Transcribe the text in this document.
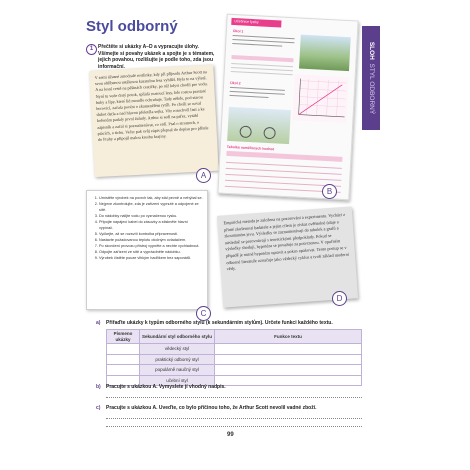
Styl odborný
1 Přečtěte si ukázky A–D a vypracujte úlohy. Všímejte si povahy ukázek a spojte je s tématem, jejich povahou, rozlišujte je podle toho, zda jsou informační.
V zemi úžasné zmodralé rostlinky, kdy při příjezdu Arthur Scott na svou oblíbenou ustálenou kazatelnu lesa vyhlíží. Byla to na výletě. A na lesní cestě na pěšinách cestičky, po níž kdysi chodil pro vodu. Nyní tu vede čistý potok, spřádá roztoucí lesy, kde rostou prastaré buky a lípy, které lid moudře ochraňuje. Tady někde, pod starou borovicí, začala pověst o zkamenělém rytíři. Po chvíli se ozval tlukot datla a nad hlavou přeletěla sojka. Vítr rozechvěl listí a ke kořenům padaly první žaludy. Arthur si sedl na pařez, vytáhl zápisník a začal si poznamenávat, co vidí. Psal o stromech, o ptácích, o tichu. Večer pak svůj zápis přepsal do dopisu pro přítele do Prahy a připojil malou kresbu krajiny.
A
Učebnice fyziky
Úkol 1
Úkol 2
Tabulka naměřených hodnot
B
SLOH  STYL ODBORNÝ
1. Umístěte výrobek na povrch tak, aby stál pevně a nehýbal se.
2. Nejprve zkontrolujte, zda je zařízení vypnuté a odpojené ze sítě.
3. Do nádobky nalijte vodu po vyznačenou rysku.
4. Připojte napájecí kabel do zásuvky a stiskněte hlavní vypínač.
5. Vyčkejte, až se rozsvítí kontrolka připravenosti.
6. Nastavte požadovanou teplotu otočným ovladačem.
7. Po skončení provozu přístroj vypněte a nechte vychladnout.
8. Odpojte zařízení ze sítě a vyprázdněte nádobku.
9. Výrobek čistěte pouze vlhkým hadříkem bez saponátů.
C
Empirická metoda je založena na pozorování a experimentu. Vychází z přímé zkušenosti badatele a jejím cílem je získat ověřitelné údaje o zkoumaném jevu. Výsledky se zaznamenávají do tabulek a grafů a následně se porovnávají s teoretickými předpoklady. Pokud se výsledky shodují, hypotéza se považuje za potvrzenou. V opačném případě je nutné hypotézu upravit a pokus opakovat. Tento postup se v odborné literatuře označuje jako vědecký cyklus a tvoří základ moderní vědy.
D
a)	Přiřaďte ukázky k typům odborného stylu (k sekundárním stylům). Určete funkci každého textu.
Písmeno ukázky	Sekundární styl odborného stylu	Funkce textu
	vědecký styl	
	praktický odborný styl	
	populárně naučný styl	
	učební styl	
b)	Pracujte s ukázkou A. Vymyslete jí vhodný nadpis.
c)	Pracujte s ukázkou A. Uveďte, co bylo příčinou toho, že Arthur Scott nevolil vadné zboží.
99
